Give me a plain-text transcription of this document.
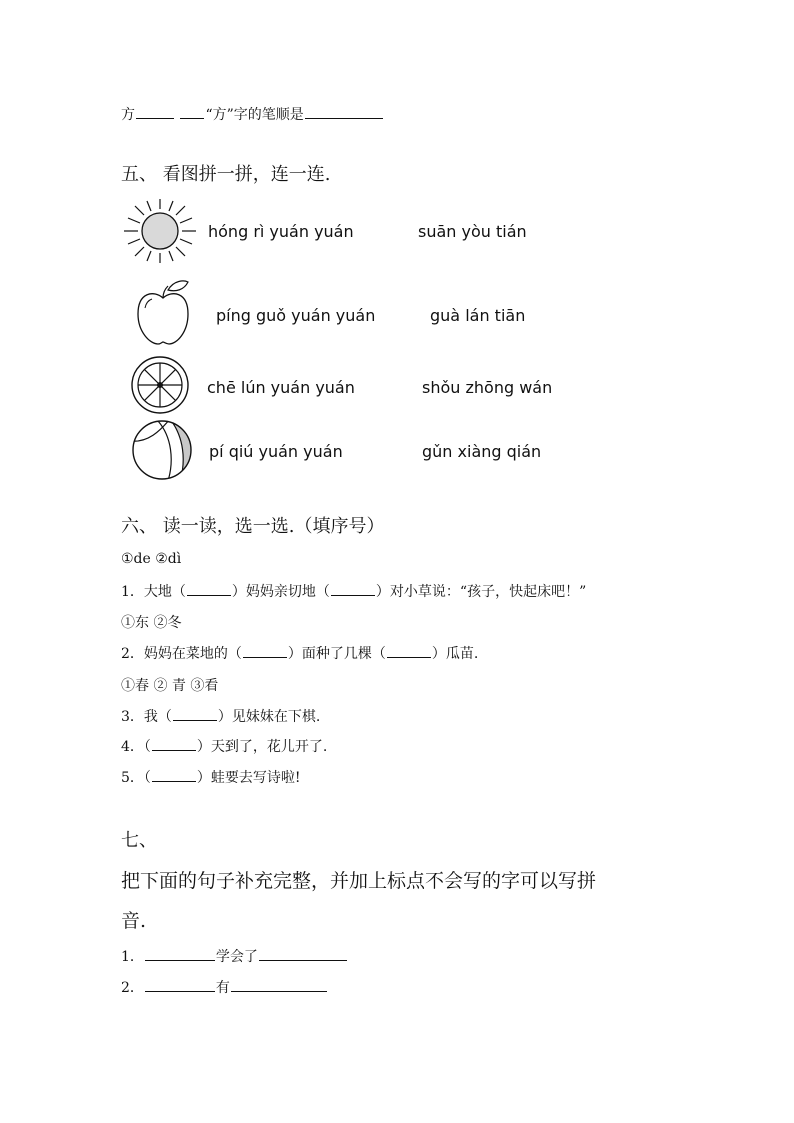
方	“方”字的笔顺是
五、 看图拼一拼，连一连.
hóng rì yuán yuán	suān yòu tián
píng guǒ yuán yuán	guà lán tiān
chē lún yuán yuán	shǒu zhōng wán
pí qiú yuán yuán	gǔn xiàng qián
六、 读一读，选一选.（填序号）
①de ②dì
1．大地（	）妈妈亲切地（	）对小草说：“孩子，快起床吧！”
①东 ②冬
2．妈妈在菜地的（	）面种了几棵（	）瓜苗.
①春 ② 青 ③看
3．我（	）见妹妹在下棋.
4．（	）天到了，花儿开了.
5．（	）蛙要去写诗啦!
七、
把下面的句子补充完整，并加上标点不会写的字可以写拼
音.
1．	学会了
2．	有
